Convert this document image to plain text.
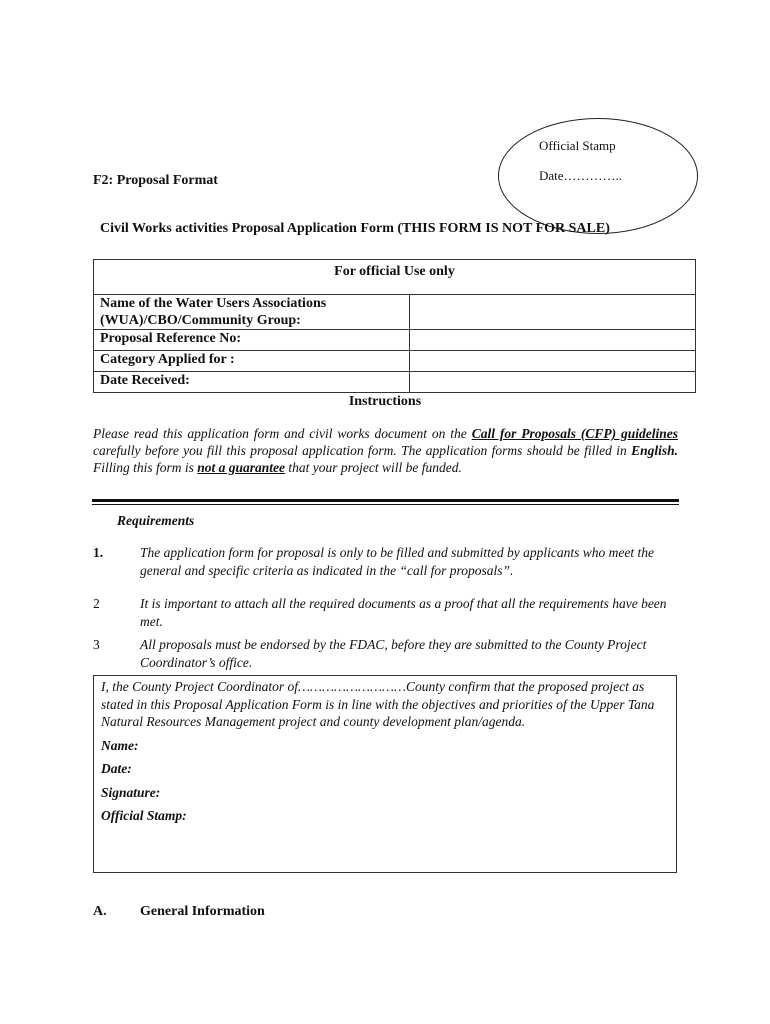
Official Stamp
Date…………..
F2: Proposal Format
Civil Works activities Proposal Application Form (THIS FORM IS NOT FOR SALE)
For official Use only	
Name of the Water Users Associations (WUA)/CBO/Community Group:	
Proposal Reference No:	
Category Applied for :	
Date Received:	
Instructions
Please read this application form and civil works document on the Call for Proposals (CFP) guidelines carefully before you fill this proposal application form. The application forms should be filled in English. Filling this form is not a guarantee that your project will be funded.
Requirements
1.	The application form for proposal is only to be filled and submitted by applicants who meet the general and specific criteria as indicated in the “call for proposals”.
2	It is important to attach all the required documents as a proof that all the requirements have been met.
3	All proposals must be endorsed by the FDAC, before they are submitted to the County Project Coordinator’s office.
I, the County Project Coordinator of………………………County confirm that the proposed project as stated in this Proposal Application Form is in line with the objectives and priorities of the Upper Tana Natural Resources Management project and county development plan/agenda.
Name:
Date:
Signature:
Official Stamp:
A. General Information
